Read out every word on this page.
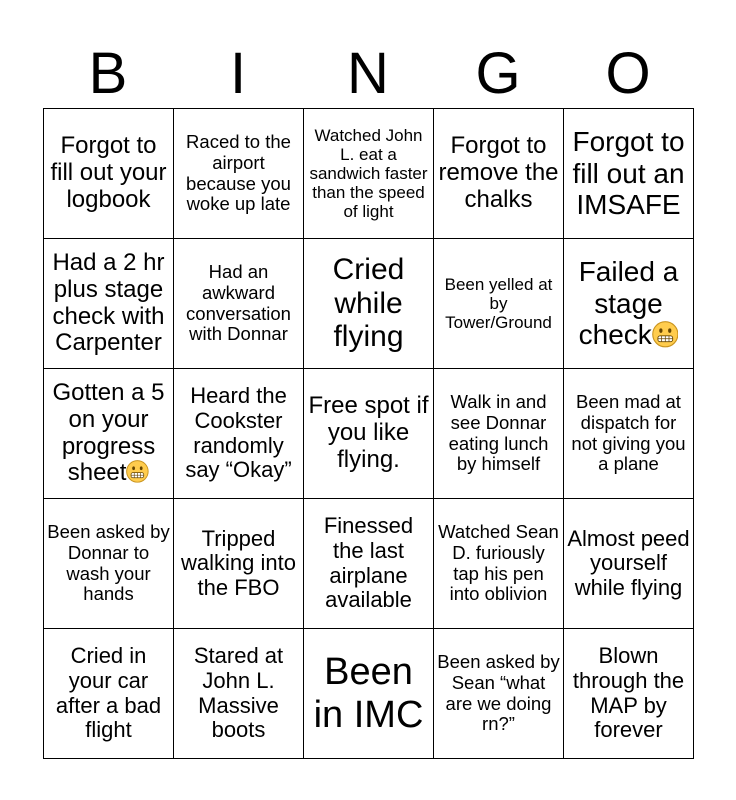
B	I	N	G	O
Forgot to fill out your logbook	Raced to the airport because you woke up late	Watched John L. eat a sandwich faster than the speed of light	Forgot to remove the chalks	Forgot to fill out an IMSAFE
Had a 2 hr plus stage check with Carpenter	Had an awkward conversation with Donnar	Cried while flying	Been yelled at by Tower/Ground	Failed a stage check
Gotten a 5 on your progress sheet	Heard the Cookster randomly say “Okay”	Free spot if you like flying.	Walk in and see Donnar eating lunch by himself	Been mad at dispatch for not giving you a plane
Been asked by Donnar to wash your hands	Tripped walking into the FBO	Finessed the last airplane available	Watched Sean D. furiously tap his pen into oblivion	Almost peed yourself while flying
Cried in your car after a bad flight	Stared at John L. Massive boots	Been in IMC	Been asked by Sean “what are we doing rn?”	Blown through the MAP by forever
